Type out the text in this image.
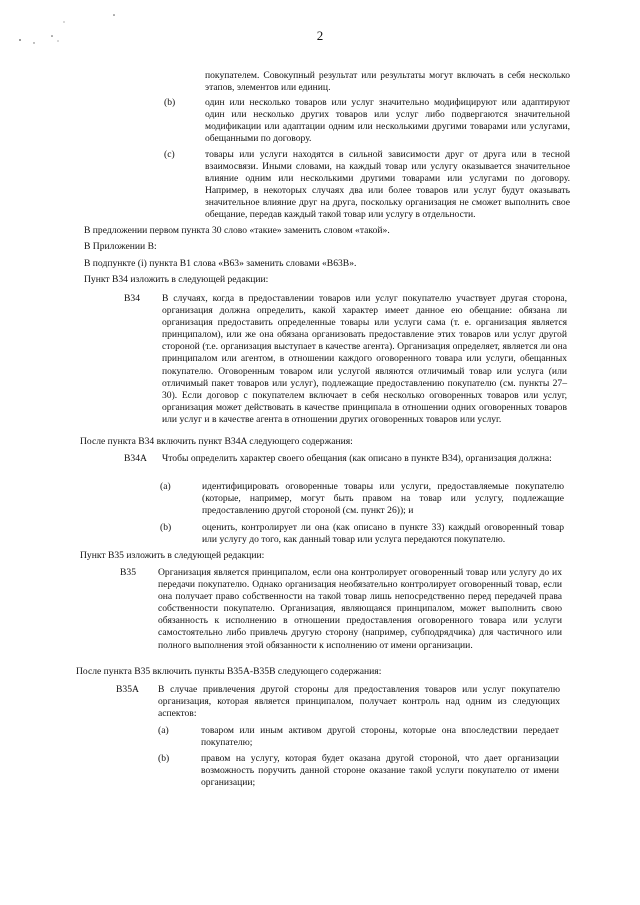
2

покупателем. Совокупный результат или результаты могут включать в себя несколько этапов, элементов или единиц.

(b)	один или несколько товаров или услуг значительно модифицируют или адаптируют один или несколько других товаров или услуг либо подвергаются значительной модификации или адаптации одним или несколькими другими товарами или услугами, обещанными по договору.

(c)	товары или услуги находятся в сильной зависимости друг от друга или в тесной взаимосвязи. Иными словами, на каждый товар или услугу оказывается значительное влияние одним или несколькими другими товарами или услугами по договору. Например, в некоторых случаях два или более товаров или услуг будут оказывать значительное влияние друг на друга, поскольку организация не сможет выполнить свое обещание, передав каждый такой товар или услугу в отдельности.

В предложении первом пункта 30 слово «такие» заменить словом «такой».

В Приложении B:

В подпункте (i) пункта B1 слова «B63» заменить словами «B63B».

Пункт B34 изложить в следующей редакции:

B34 В случаях, когда в предоставлении товаров или услуг покупателю участвует другая сторона, организация должна определить, какой характер имеет данное ею обещание: обязана ли организация предоставить определенные товары или услуги сама (т. е. организация является принципалом), или же она обязана организовать предоставление этих товаров или услуг другой стороной (т.е. организация выступает в качестве агента). Организация определяет, является ли она принципалом или агентом, в отношении каждого оговоренного товара или услуги, обещанных покупателю. Оговоренным товаром или услугой являются отличимый товар или услуга (или отличимый пакет товаров или услуг), подлежащие предоставлению покупателю (см. пункты 27–30). Если договор с покупателем включает в себя несколько оговоренных товаров или услуг, организация может действовать в качестве принципала в отношении одних оговоренных товаров или услуг и в качестве агента в отношении других оговоренных товаров или услуг.

После пункта B34 включить пункт B34A следующего содержания:

B34A Чтобы определить характер своего обещания (как описано в пункте B34), организация должна:

(a)	идентифицировать оговоренные товары или услуги, предоставляемые покупателю (которые, например, могут быть правом на товар или услугу, подлежащие предоставлению другой стороной (см. пункт 26)); и

(b)	оценить, контролирует ли она (как описано в пункте 33) каждый оговоренный товар или услугу до того, как данный товар или услуга передаются покупателю.

Пункт B35 изложить в следующей редакции:

B35 Организация является принципалом, если она контролирует оговоренный товар или услугу до их передачи покупателю. Однако организация необязательно контролирует оговоренный товар, если она получает право собственности на такой товар лишь непосредственно перед передачей права собственности покупателю. Организация, являющаяся принципалом, может выполнить свою обязанность к исполнению в отношении предоставления оговоренного товара или услуги самостоятельно либо привлечь другую сторону (например, субподрядчика) для частичного или полного выполнения этой обязанности к исполнению от имени организации.

После пункта B35 включить пункты B35A-B35B следующего содержания:

B35A В случае привлечения другой стороны для предоставления товаров или услуг покупателю организация, которая является принципалом, получает контроль над одним из следующих аспектов:

(a)	товаром или иным активом другой стороны, которые она впоследствии передает покупателю;

(b)	правом на услугу, которая будет оказана другой стороной, что дает организации возможность поручить данной стороне оказание такой услуги покупателю от имени организации;
